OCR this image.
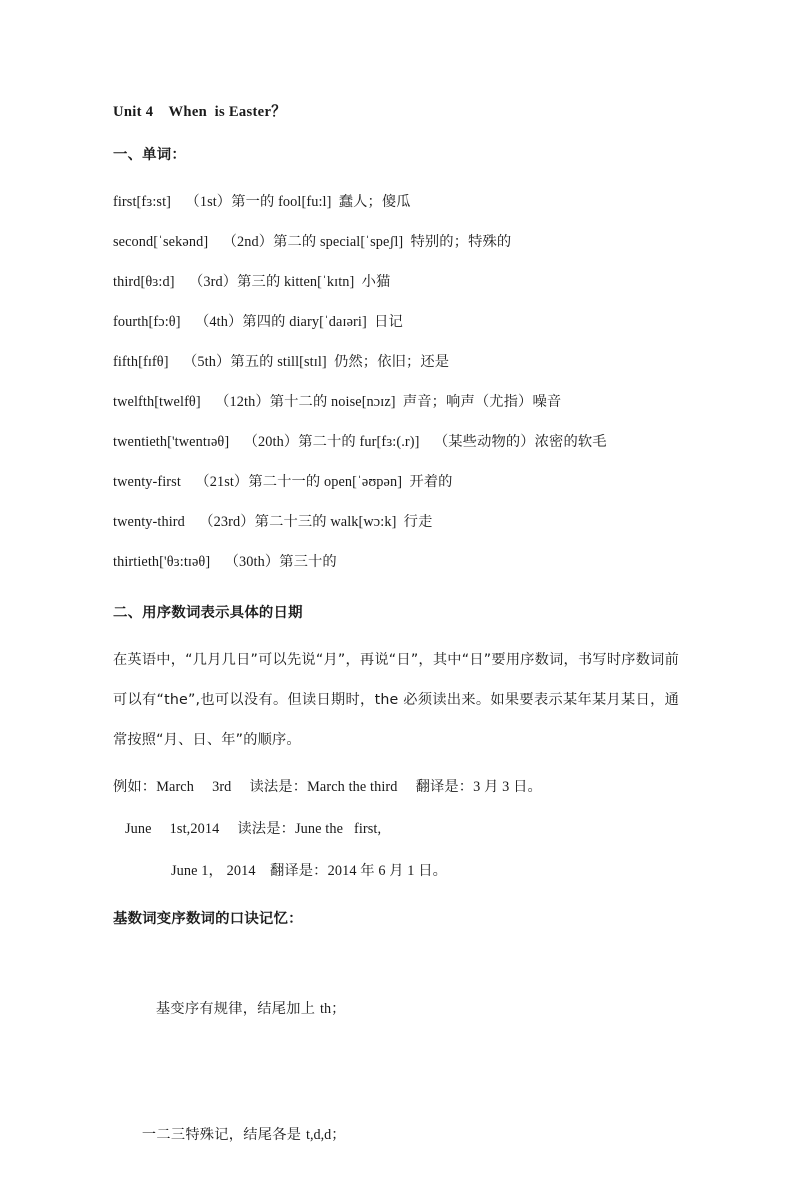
Unit 4  When is Easter？
一、单词：
first[fɜ:st] （1st）第一的 fool[fu:l] 蠢人；傻瓜
second[ˈsekənd] （2nd）第二的 special[ˈspeʃl] 特别的；特殊的
third[θɜ:d] （3rd）第三的 kitten[ˈkɪtn] 小猫
fourth[fɔ:θ] （4th）第四的 diary[ˈdaɪəri] 日记
fifth[fɪfθ] （5th）第五的 still[stɪl] 仍然；依旧；还是
twelfth[twelfθ] （12th）第十二的 noise[nɔɪz] 声音；响声（尤指）噪音
twentieth['twentɪəθ] （20th）第二十的 fur[fɜ:(.r)] （某些动物的）浓密的软毛
twenty-first （21st）第二十一的 open[ˈəʊpən] 开着的
twenty-third （23rd）第二十三的 walk[wɔ:k] 行走
thirtieth['θɜ:tɪəθ] （30th）第三十的
二、用序数词表示具体的日期
在英语中，“几月几日”可以先说“月”，再说“日”，其中“日”要用序数词，书写时序数词前可以有“the”,也可以没有。但读日期时，the 必须读出来。如果要表示某年某月某日，通常按照“月、日、年”的顺序。
例如：March  3rd  读法是：March the third  翻译是：3 月 3 日。
June  1st,2014  读法是：June the  first,
June 1， 2014 翻译是：2014 年 6 月 1 日。
基数词变序数词的口诀记忆：

基变序有规律，结尾加上 th；

一二三特殊记，结尾各是 t,d,d；
